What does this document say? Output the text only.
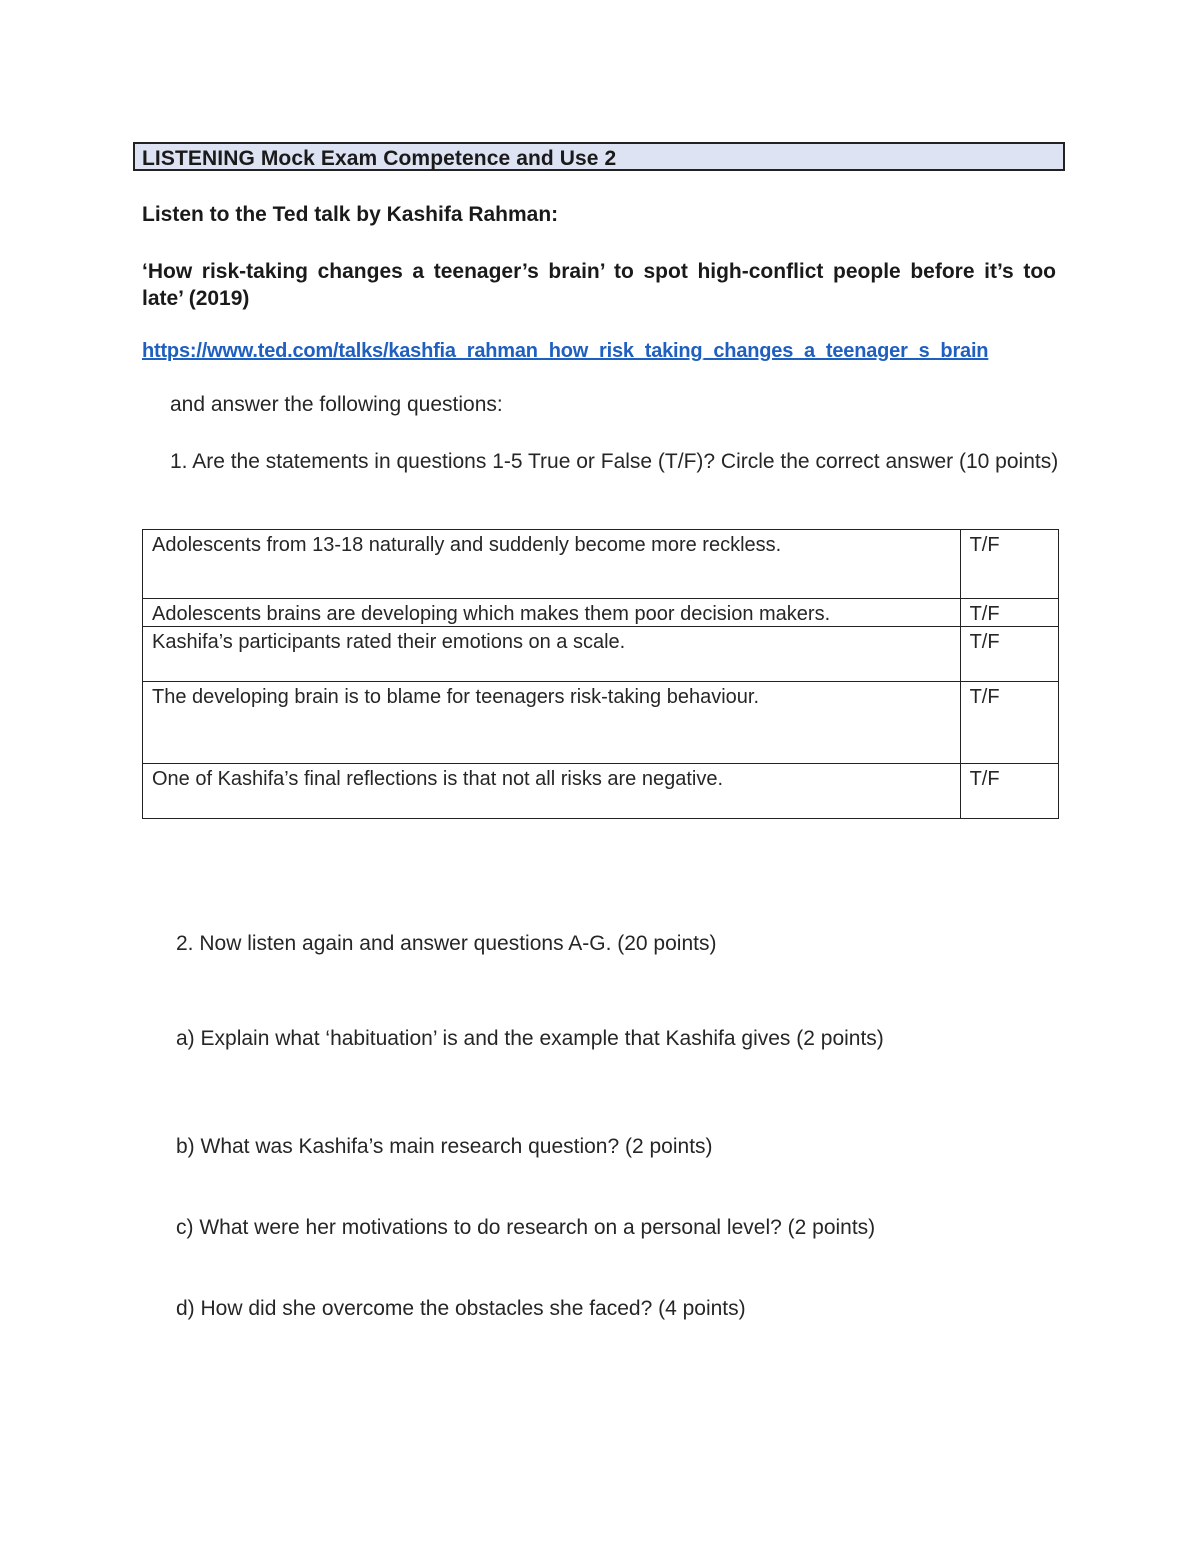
LISTENING Mock Exam Competence and Use 2
Listen to the Ted talk by Kashifa Rahman:
‘How risk-taking changes a teenager’s brain’ to spot high-conflict people before it’s too late’ (2019)
https://www.ted.com/talks/kashfia_rahman_how_risk_taking_changes_a_teenager_s_brain
and answer the following questions:
1. Are the statements in questions 1-5 True or False (T/F)? Circle the correct answer (10 points)
Adolescents from 13-18 naturally and suddenly become more reckless.	T/F
Adolescents brains are developing which makes them poor decision makers.	T/F
Kashifa’s participants rated their emotions on a scale.	T/F
The developing brain is to blame for teenagers risk-taking behaviour.	T/F
One of Kashifa’s final reflections is that not all risks are negative.	T/F
2. Now listen again and answer questions A-G. (20 points)
a) Explain what ‘habituation’ is and the example that Kashifa gives (2 points)
b) What was Kashifa’s main research question? (2 points)
c) What were her motivations to do research on a personal level? (2 points)
d) How did she overcome the obstacles she faced? (4 points)
